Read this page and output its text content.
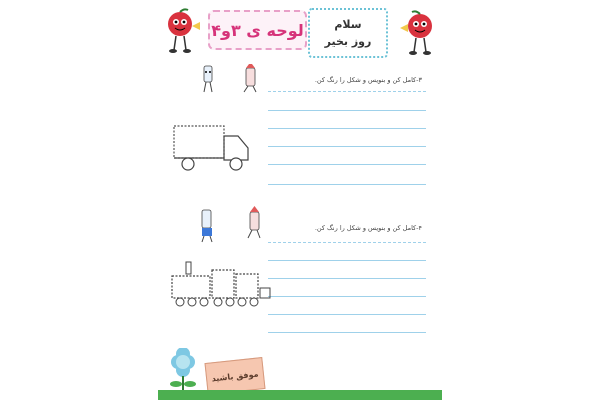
لوحه ی ۳و۴	سلام
روز بخیر
۳-کامل کن و بنویس و شکل را رنگ کن.
۴-کامل کن و بنویس و شکل را رنگ کن.
موفق باشید
